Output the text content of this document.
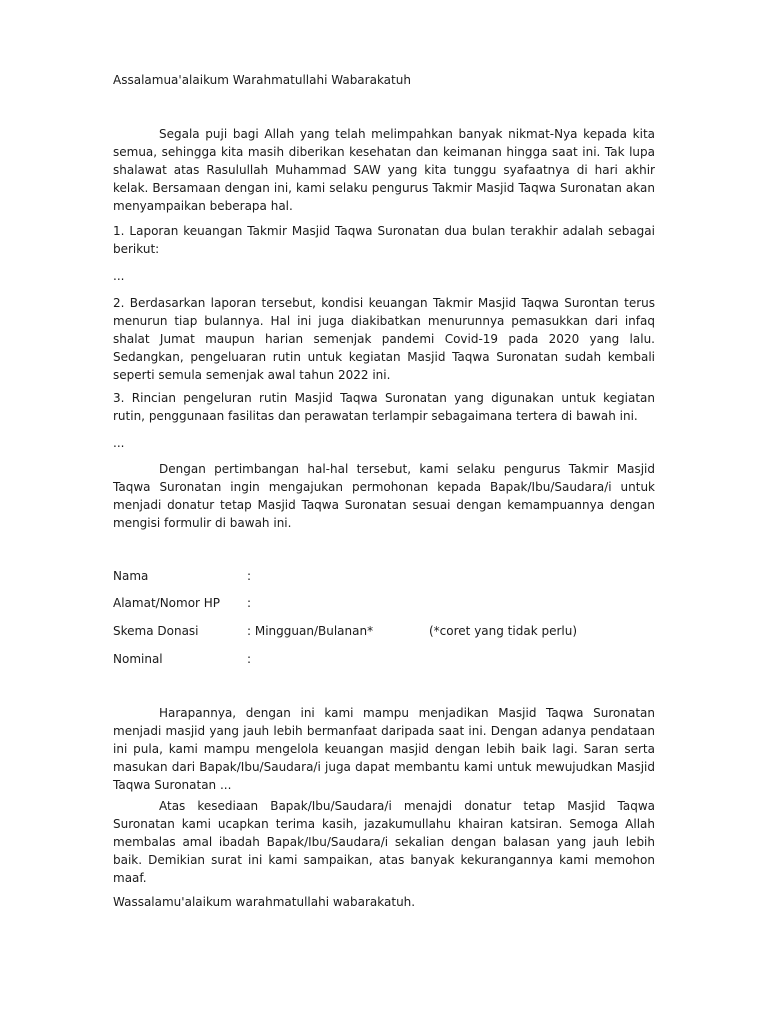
Assalamua'alaikum Warahmatullahi Wabarakatuh

Segala puji bagi Allah yang telah melimpahkan banyak nikmat-Nya kepada kita semua, sehingga kita masih diberikan kesehatan dan keimanan hingga saat ini. Tak lupa shalawat atas Rasulullah Muhammad SAW yang kita tunggu syafaatnya di hari akhir kelak. Bersamaan dengan ini, kami selaku pengurus Takmir Masjid Taqwa Suronatan akan menyampaikan beberapa hal.

1. Laporan keuangan Takmir Masjid Taqwa Suronatan dua bulan terakhir adalah sebagai berikut:

...

2. Berdasarkan laporan tersebut, kondisi keuangan Takmir Masjid Taqwa Surontan terus menurun tiap bulannya. Hal ini juga diakibatkan menurunnya pemasukkan dari infaq shalat Jumat maupun harian semenjak pandemi Covid-19 pada 2020 yang lalu. Sedangkan, pengeluaran rutin untuk kegiatan Masjid Taqwa Suronatan sudah kembali seperti semula semenjak awal tahun 2022 ini.

3. Rincian pengeluran rutin Masjid Taqwa Suronatan yang digunakan untuk kegiatan rutin, penggunaan fasilitas dan perawatan terlampir sebagaimana tertera di bawah ini.

...

Dengan pertimbangan hal-hal tersebut, kami selaku pengurus Takmir Masjid Taqwa Suronatan ingin mengajukan permohonan kepada Bapak/Ibu/Saudara/i untuk menjadi donatur tetap Masjid Taqwa Suronatan sesuai dengan kemampuannya dengan mengisi formulir di bawah ini.

Nama	:
Alamat/Nomor HP :
Skema Donasi	: Mingguan/Bulanan*	(*coret yang tidak perlu)
Nominal	:

Harapannya, dengan ini kami mampu menjadikan Masjid Taqwa Suronatan menjadi masjid yang jauh lebih bermanfaat daripada saat ini. Dengan adanya pendataan ini pula, kami mampu mengelola keuangan masjid dengan lebih baik lagi. Saran serta masukan dari Bapak/Ibu/Saudara/i juga dapat membantu kami untuk mewujudkan Masjid Taqwa Suronatan ...

Atas kesediaan Bapak/Ibu/Saudara/i menajdi donatur tetap Masjid Taqwa Suronatan kami ucapkan terima kasih, jazakumullahu khairan katsiran. Semoga Allah membalas amal ibadah Bapak/Ibu/Saudara/i sekalian dengan balasan yang jauh lebih baik. Demikian surat ini kami sampaikan, atas banyak kekurangannya kami memohon maaf.

Wassalamu'alaikum warahmatullahi wabarakatuh.
